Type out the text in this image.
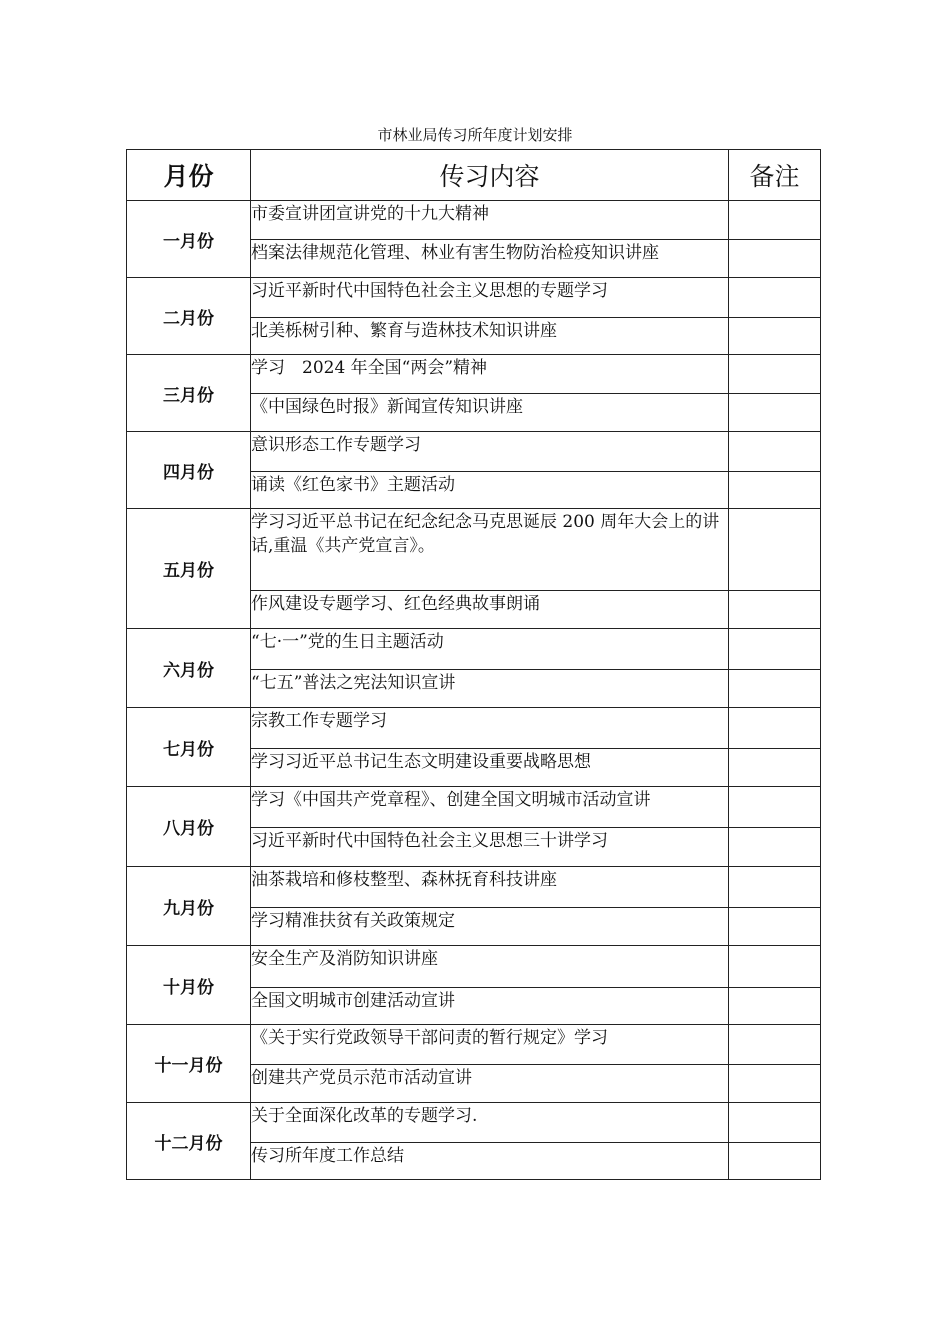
市林业局传习所年度计划安排
月份	传习内容	备注
一月份	市委宣讲团宣讲党的十九大精神	

	档案法律规范化管理、林业有害生物防治检疫知识讲座	

二月份	习近平新时代中国特色社会主义思想的专题学习	

	北美栎树引种、繁育与造林技术知识讲座	

三月份	学习　2024 年全国“两会”精神	

	《中国绿色时报》新闻宣传知识讲座	

四月份	意识形态工作专题学习	

	诵读《红色家书》主题活动	

五月份	学习习近平总书记在纪念纪念马克思诞辰 200 周年大会上的讲话,重温《共产党宣言》。	

	作风建设专题学习、红色经典故事朗诵	

六月份	“七·一”党的生日主题活动	

	“七五”普法之宪法知识宣讲	

七月份	宗教工作专题学习	

	学习习近平总书记生态文明建设重要战略思想	

八月份	学习《中国共产党章程》、创建全国文明城市活动宣讲	

	习近平新时代中国特色社会主义思想三十讲学习	

九月份	油茶栽培和修枝整型、森林抚育科技讲座	

	学习精准扶贫有关政策规定	

十月份	安全生产及消防知识讲座	

	全国文明城市创建活动宣讲	

十一月份	《关于实行党政领导干部问责的暂行规定》学习	

	创建共产党员示范市活动宣讲	

十二月份	关于全面深化改革的专题学习.	

	传习所年度工作总结	
